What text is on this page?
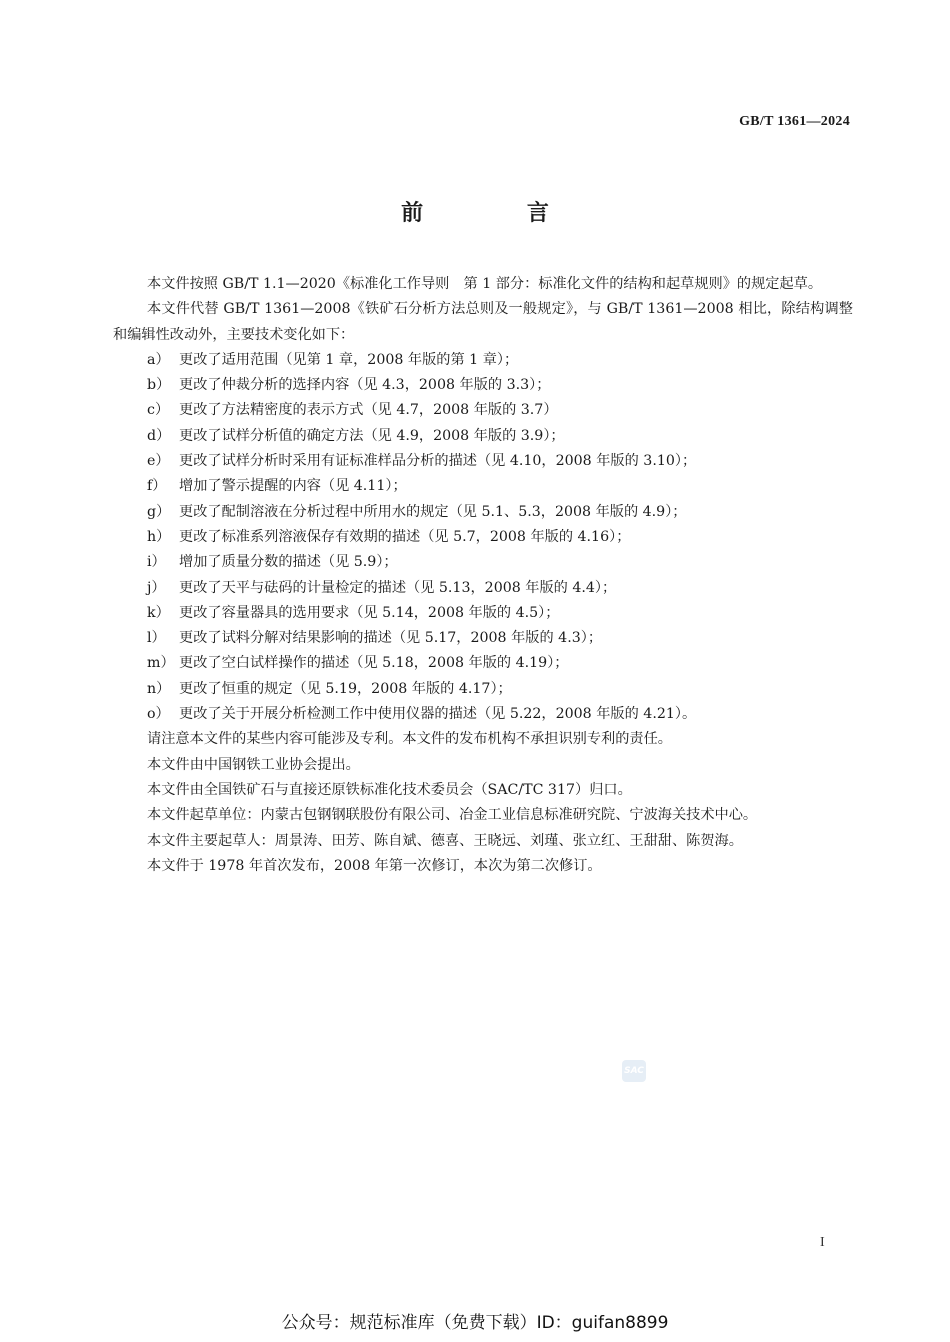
GB/T 1361—2024
前 言

本文件按照 GB/T 1.1—2020《标准化工作导则　第 1 部分：标准化文件的结构和起草规则》的规定起草。

本文件代替 GB/T 1361—2008《铁矿石分析方法总则及一般规定》，与 GB/T 1361—2008 相比，除结构调整和编辑性改动外，主要技术变化如下：

a） 更改了适用范围（见第 1 章，2008 年版的第 1 章）；

b） 更改了仲裁分析的选择内容（见 4.3，2008 年版的 3.3）；

c） 更改了方法精密度的表示方式（见 4.7，2008 年版的 3.7）

d） 更改了试样分析值的确定方法（见 4.9，2008 年版的 3.9）；

e） 更改了试样分析时采用有证标准样品分析的描述（见 4.10，2008 年版的 3.10）；

f） 增加了警示提醒的内容（见 4.11）；

g） 更改了配制溶液在分析过程中所用水的规定（见 5.1、5.3，2008 年版的 4.9）；

h） 更改了标准系列溶液保存有效期的描述（见 5.7，2008 年版的 4.16）；

i） 增加了质量分数的描述（见 5.9）；

j） 更改了天平与砝码的计量检定的描述（见 5.13，2008 年版的 4.4）；

k） 更改了容量器具的选用要求（见 5.14，2008 年版的 4.5）；

l） 更改了试料分解对结果影响的描述（见 5.17，2008 年版的 4.3）；

m） 更改了空白试样操作的描述（见 5.18，2008 年版的 4.19）；

n） 更改了恒重的规定（见 5.19，2008 年版的 4.17）；

o） 更改了关于开展分析检测工作中使用仪器的描述（见 5.22，2008 年版的 4.21）。

请注意本文件的某些内容可能涉及专利。本文件的发布机构不承担识别专利的责任。

本文件由中国钢铁工业协会提出。

本文件由全国铁矿石与直接还原铁标准化技术委员会（SAC/TC 317）归口。

本文件起草单位：内蒙古包钢钢联股份有限公司、冶金工业信息标准研究院、宁波海关技术中心。

本文件主要起草人：周景涛、田芳、陈自斌、德喜、王晓远、刘瑾、张立红、王甜甜、陈贺海。

本文件于 1978 年首次发布，2008 年第一次修订，本次为第二次修订。

SAC
I
公众号：规范标准库（免费下载）ID：guifan8899
